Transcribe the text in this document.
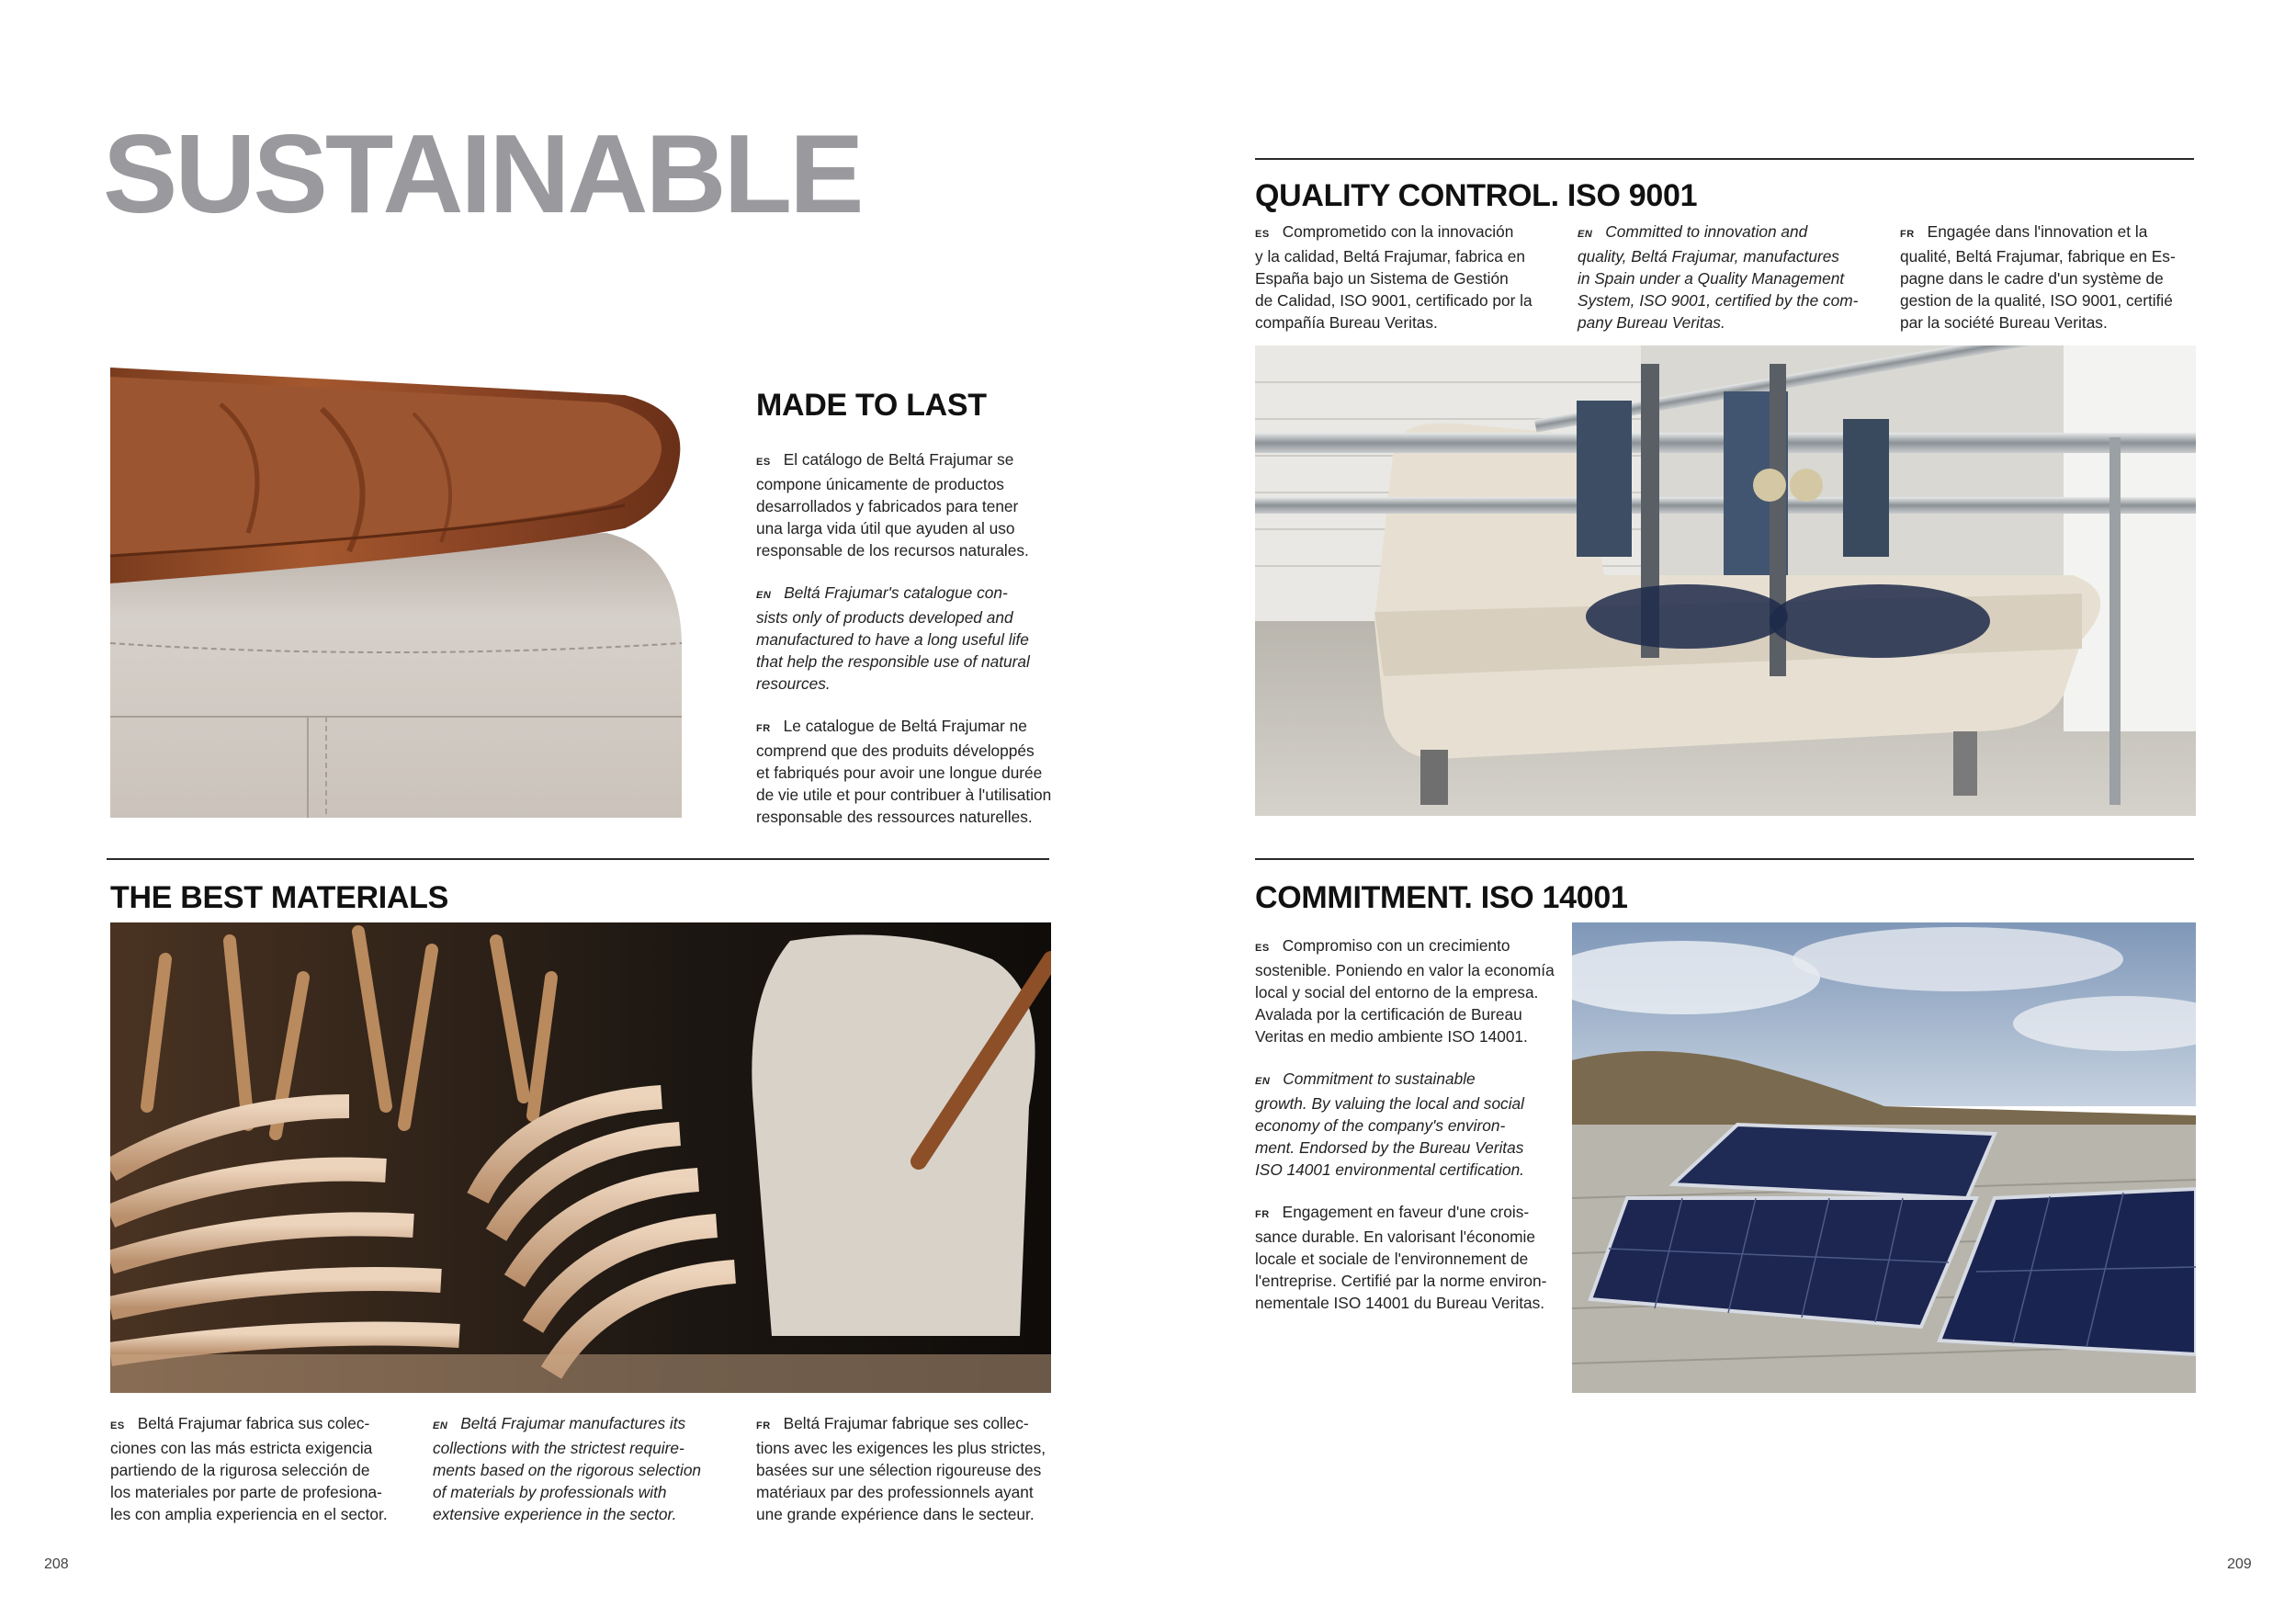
SUSTAINABLE
MADE TO LAST
ES El catálogo de Beltá Frajumar se
compone únicamente de productos
desarrollados y fabricados para tener
una larga vida útil que ayuden al uso
responsable de los recursos naturales.
EN Beltá Frajumar's catalogue con-
sists only of products developed and
manufactured to have a long useful life
that help the responsible use of natural
resources.
FR Le catalogue de Beltá Frajumar ne
comprend que des produits développés
et fabriqués pour avoir une longue durée
de vie utile et pour contribuer à l'utilisation
responsable des ressources naturelles.
QUALITY CONTROL. ISO 9001
ES Comprometido con la innovación
y la calidad, Beltá Frajumar, fabrica en
España bajo un Sistema de Gestión
de Calidad, ISO 9001, certificado por la
compañía Bureau Veritas.
EN Committed to innovation and
quality, Beltá Frajumar, manufactures
in Spain under a Quality Management
System, ISO 9001, certified by the com-
pany Bureau Veritas.
FR Engagée dans l'innovation et la
qualité, Beltá Frajumar, fabrique en Es-
pagne dans le cadre d'un système de
gestion de la qualité, ISO 9001, certifié
par la société Bureau Veritas.
THE BEST MATERIALS
ES Beltá Frajumar fabrica sus colec-
ciones con las más estricta exigencia
partiendo de la rigurosa selección de
los materiales por parte de profesiona-
les con amplia experiencia en el sector.
EN Beltá Frajumar manufactures its
collections with the strictest require-
ments based on the rigorous selection
of materials by professionals with
extensive experience in the sector.
FR Beltá Frajumar fabrique ses collec-
tions avec les exigences les plus strictes,
basées sur une sélection rigoureuse des
matériaux par des professionnels ayant
une grande expérience dans le secteur.
COMMITMENT. ISO 14001
ES Compromiso con un crecimiento
sostenible. Poniendo en valor la economía
local y social del entorno de la empresa.
Avalada por la certificación de Bureau
Veritas en medio ambiente ISO 14001.
EN Commitment to sustainable
growth. By valuing the local and social
economy of the company's environ-
ment. Endorsed by the Bureau Veritas
ISO 14001 environmental certification.
FR Engagement en faveur d'une crois-
sance durable. En valorisant l'économie
locale et sociale de l'environnement de
l'entreprise. Certifié par la norme environ-
nementale ISO 14001 du Bureau Veritas.
208	209
